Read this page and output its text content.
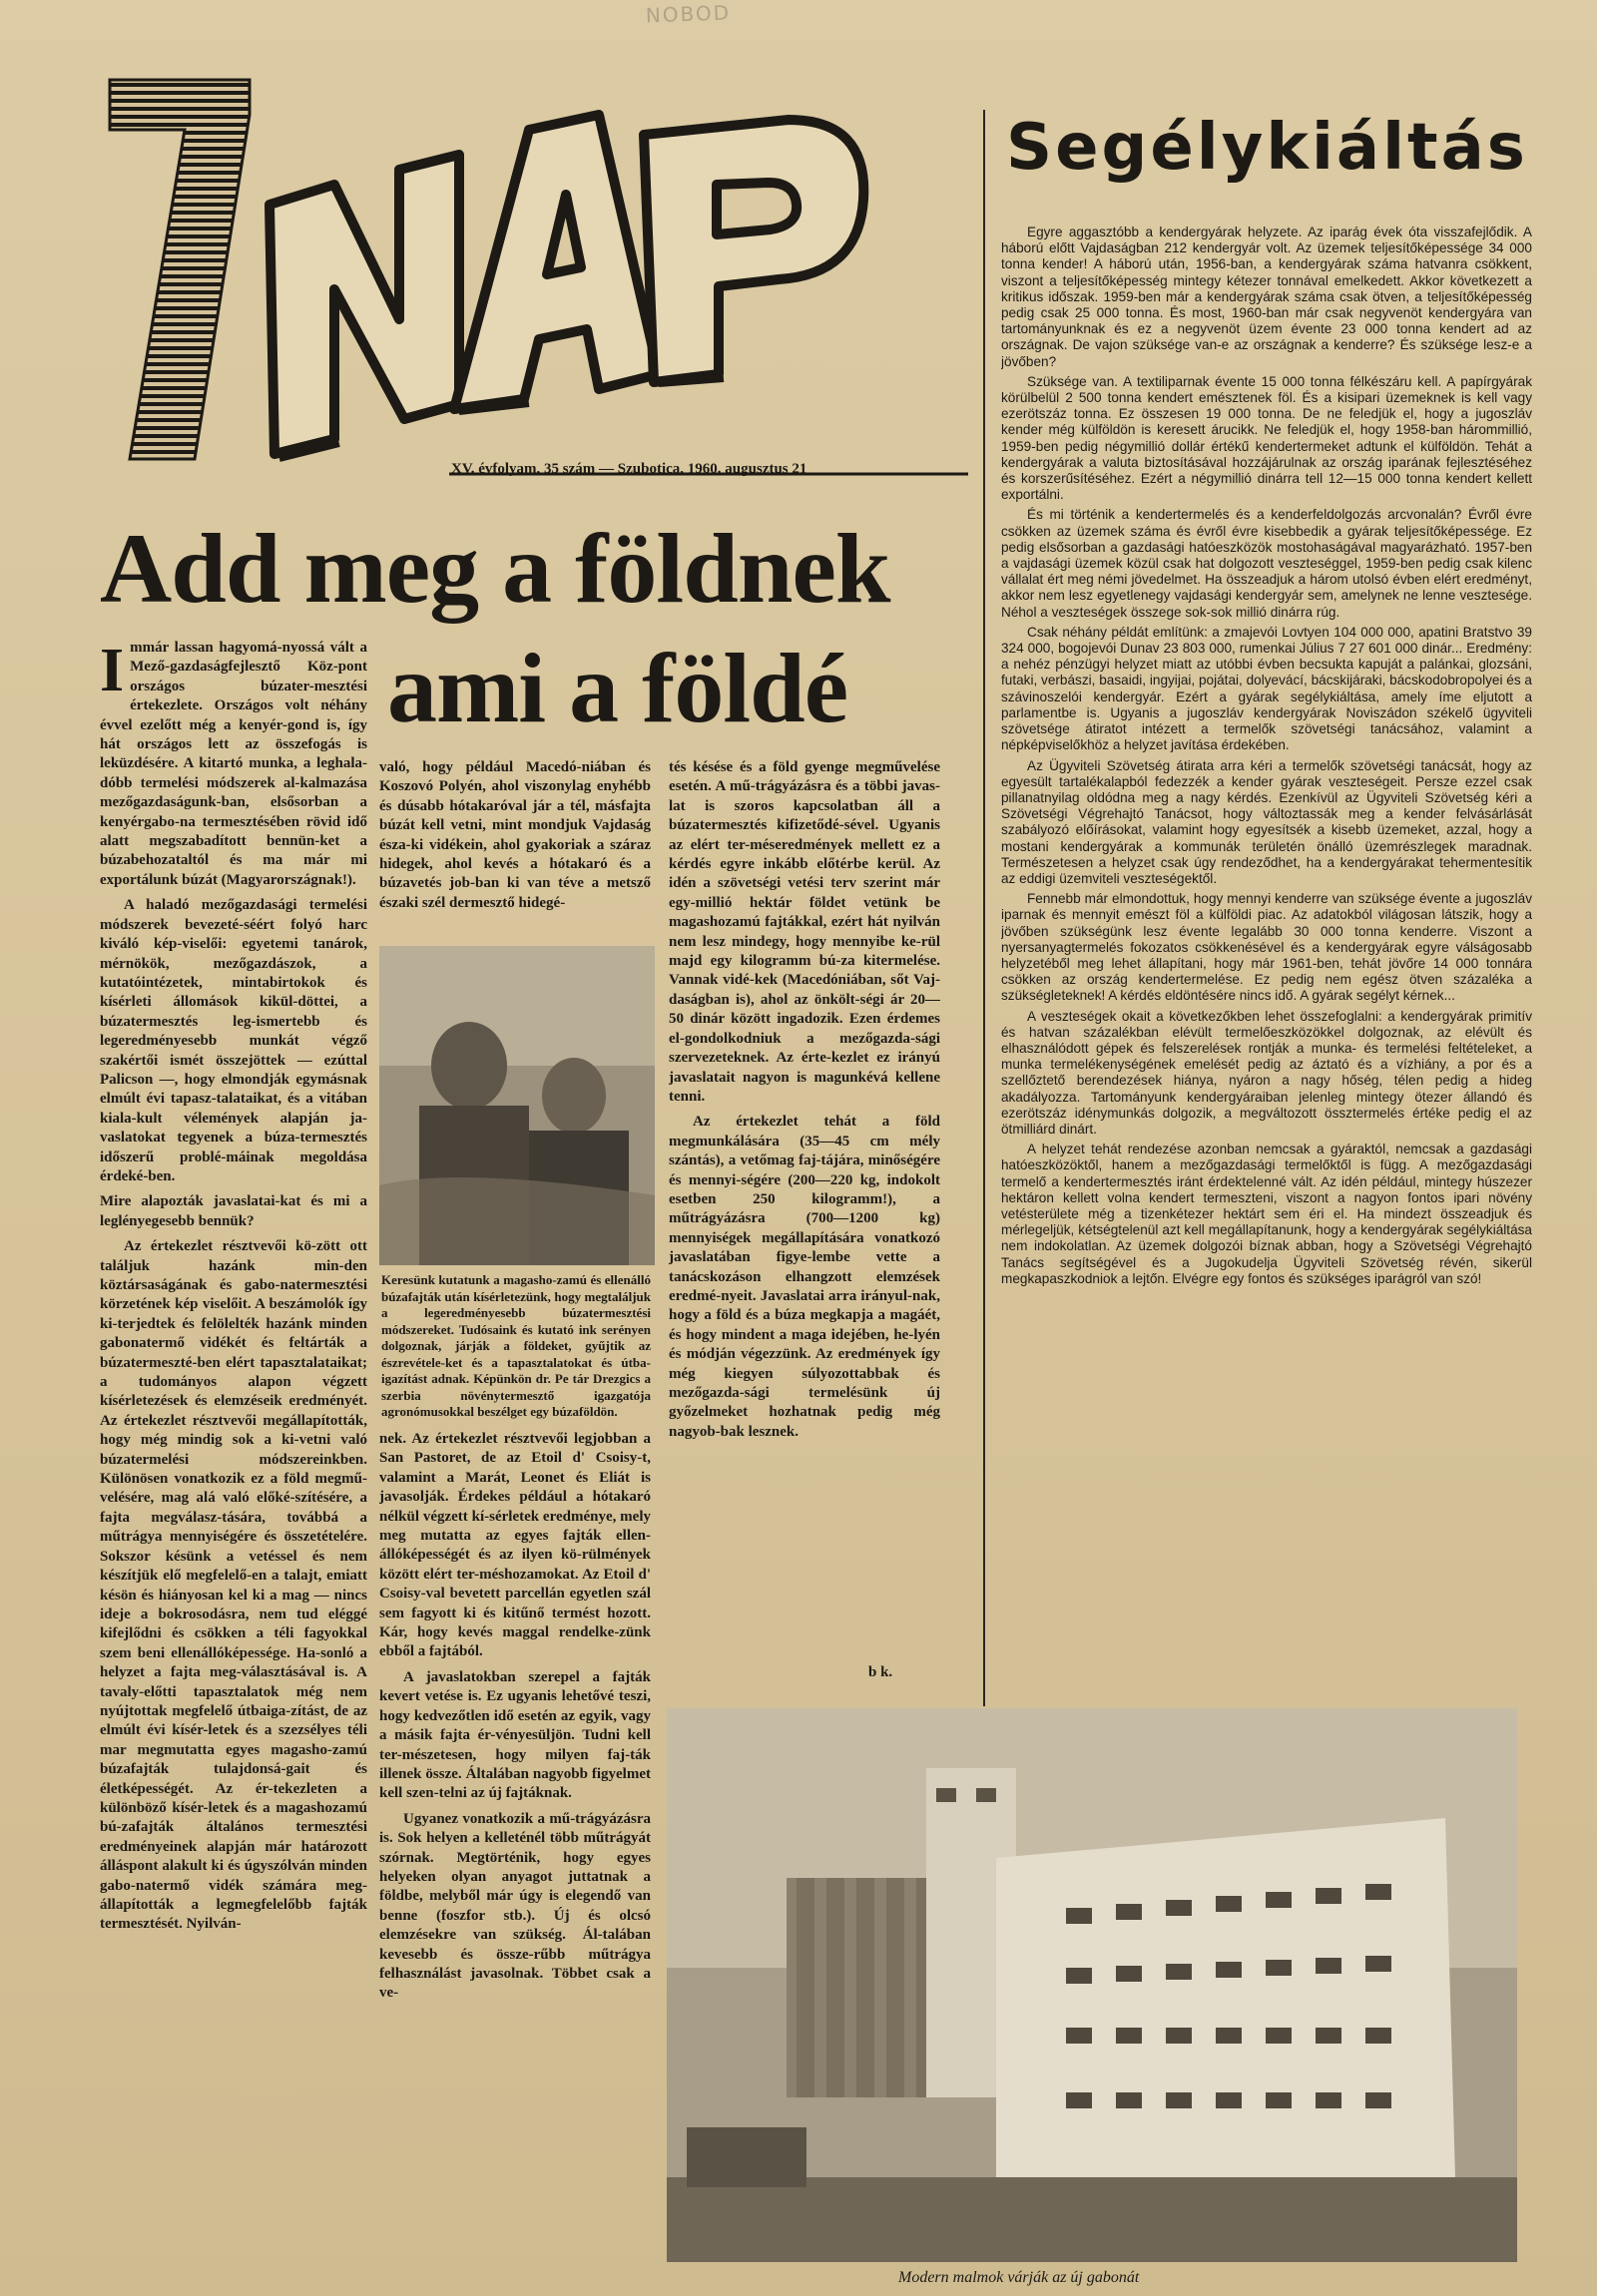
NOBOD
XV. évfolyam, 35 szám — Szubotica, 1960. augusztus 21
Add meg a földnek
ami a földé

Immár lassan hagyomá-nyossá vált a Mező-gazdaságfejlesztő Köz-pont országos búzater-mesztési értekezlete. Országos volt néhány évvel ezelőtt még a kenyér-gond is, így hát országos lett az összefogás is leküzdésére. A kitartó munka, a leghala-dóbb termelési módszerek al-kalmazása mezőgazdaságunk-ban, elsősorban a kenyérgabo-na termesztésében rövid idő alatt megszabadított bennün-ket a búzabehozataltól és ma már mi exportálunk búzát (Magyarországnak!).

A haladó mezőgazdasági termelési módszerek bevezeté-séért folyó harc kiváló kép-viselői: egyetemi tanárok, mérnökök, mezőgazdászok, a kutatóintézetek, mintabirtokok és kísérleti állomások kikül-döttei, a búzatermesztés leg-ismertebb és legeredményesebb munkát végző szakértői ismét összejöttek — ezúttal Palicson —, hogy elmondják egymásnak elmúlt évi tapasz-talataikat, és a vitában kiala-kult vélemények alapján ja-vaslatokat tegyenek a búza-termesztés időszerű problé-máinak megoldása érdeké-ben.

Mire alapozták javaslatai-kat és mi a leglényegesebb bennük?

Az értekezlet résztvevői kö-zött ott találjuk hazánk min-den köztársaságának és gabo-natermesztési körzetének kép viselőit. A beszámolók így ki-terjedtek és felölelték hazánk minden gabonatermő vidékét és feltárták a búzatermeszté-ben elért tapasztalataikat; a tudományos alapon végzett kísérletezések és elemzéseik eredményét. Az értekezlet résztvevői megállapították, hogy még mindig sok a ki-vetni való búzatermelési módszereinkben. Különösen vonatkozik ez a föld megmű-velésére, mag alá való előké-szítésére, a fajta megválasz-tására, továbbá a műtrágya mennyiségére és összetételére. Sokszor késünk a vetéssel és nem készítjük elő megfelelő-en a talajt, emiatt késön és hiányosan kel ki a mag — nincs ideje a bokrosodásra, nem tud eléggé kifejlődni és csökken a téli fagyokkal szem beni ellenállóképessége. Ha-sonló a helyzet a fajta meg-választásával is. A tavaly-előtti tapasztalatok még nem nyújtottak megfelelő útbaiga-zítást, de az elmúlt évi kísér-letek és a szezsélyes téli mar megmutatta egyes magasho-zamú búzafajták tulajdonsá-gait és életképességét. Az ér-tekezleten a különböző kísér-letek és a magashozamú bú-zafajták általános termesztési eredményeinek alapján már határozott álláspont alakult ki és úgyszólván minden gabo-natermő vidék számára meg-állapították a legmegfelelőbb fajták termesztését. Nyilván-

való, hogy például Macedó-niában és Koszovó Polyén, ahol viszonylag enyhébb és dúsabb hótakaróval jár a tél, másfajta búzát kell vetni, mint mondjuk Vajdaság észa-ki vidékein, ahol gyakoriak a száraz hidegek, ahol kevés a hótakaró és a búzavetés job-ban ki van téve a metsző északi szél dermesztő hidegé-

Keresünk kutatunk a magasho-zamú és ellenálló búzafajták után kísérletezünk, hogy megtaláljuk a legeredményesebb búzatermesztési módszereket. Tudósaink és kutató ink serényen dolgoznak, járják a földeket, gyűjtik az észrevétele-ket és a tapasztalatokat és útba-igazítást adnak. Képünkön dr. Pe tár Drezgics a szerbia növénytermesztő igazgatója agronómusokkal beszélget egy búzaföldön.

nek. Az értekezlet résztvevői legjobban a San Pastoret, de az Etoil d' Csoisy-t, valamint a Marát, Leonet és Eliát is javasolják. Érdekes például a hótakaró nélkül végzett kí-sérletek eredménye, mely meg mutatta az egyes fajták ellen-állóképességét és az ilyen kö-rülmények között elért ter-méshozamokat. Az Etoil d' Csoisy-val bevetett parcellán egyetlen szál sem fagyott ki és kitűnő termést hozott. Kár, hogy kevés maggal rendelke-zünk ebből a fajtából.

A javaslatokban szerepel a fajták kevert vetése is. Ez ugyanis lehetővé teszi, hogy kedvezőtlen idő esetén az egyik, vagy a másik fajta ér-vényesüljön. Tudni kell ter-mészetesen, hogy milyen faj-ták illenek össze. Általában nagyobb figyelmet kell szen-telni az új fajtáknak.

Ugyanez vonatkozik a mű-trágyázásra is. Sok helyen a kelleténél több műtrágyát szórnak. Megtörténik, hogy egyes helyeken olyan anyagot juttatnak a földbe, melyből már úgy is elegendő van benne (foszfor stb.). Új és olcsó elemzésekre van szükség. Ál-talában kevesebb és össze-rűbb műtrágya felhasználást javasolnak. Többet csak a ve-

tés késése és a föld gyenge megművelése esetén. A mű-trágyázásra és a többi javas-lat is szoros kapcsolatban áll a búzatermesztés kifizetődé-sével. Ugyanis az elért ter-méseredmények mellett ez a kérdés egyre inkább előtérbe kerül. Az idén a szövetségi vetési terv szerint már egy-millió hektár földet vetünk be magashozamú fajtákkal, ezért hát nyilván nem lesz mindegy, hogy mennyibe ke-rül majd egy kilogramm bú-za kitermelése. Vannak vidé-kek (Macedóniában, sőt Vaj-daságban is), ahol az önkölt-ségi ár 20—50 dinár között ingadozik. Ezen érdemes el-gondolkodniuk a mezőgazda-sági szervezeteknek. Az érte-kezlet ez irányú javaslatait nagyon is magunkévá kellene tenni.

Az értekezlet tehát a föld megmunkálására (35—45 cm mély szántás), a vetőmag faj-tájára, minőségére és mennyi-ségére (200—220 kg, indokolt esetben 250 kilogramm!), a műtrágyázásra (700—1200 kg) mennyiségek megállapítására vonatkozó javaslatában figye-lembe vette a tanácskozáson elhangzott elemzések eredmé-nyeit. Javaslatai arra irányul-nak, hogy a föld és a búza megkapja a magáét, és hogy mindent a maga idejében, he-lyén és módján végezzünk. Az eredmények így még kiegyen súlyozottabbak és mezőgazda-sági termelésünk új győzelmeket hozhatnak pedig még nagyob-bak lesznek.

b k.
Segélykiáltás

Egyre aggasztóbb a kendergyárak helyzete. Az iparág évek óta visszafejlődik. A háború előtt Vajdaságban 212 kendergyár volt. Az üzemek teljesítőképessége 34 000 tonna kender! A háború után, 1956-ban, a kendergyárak száma hatvanra csökkent, viszont a teljesítőképesség mintegy kétezer tonnával emelkedett. Akkor következett a kritikus időszak. 1959-ben már a kendergyárak száma csak ötven, a teljesítőképesség pedig csak 25 000 tonna. És most, 1960-ban már csak negyvenöt kendergyára van tartományunknak és ez a negyvenöt üzem évente 23 000 tonna kendert ad az országnak. De vajon szüksége van-e az országnak a kenderre? És szüksége lesz-e a jövőben?

Szüksége van. A textiliparnak évente 15 000 tonna félkészáru kell. A papírgyárak körülbelül 2 500 tonna kendert emésztenek föl. És a kisipari üzemeknek is kell vagy ezerötszáz tonna. Ez összesen 19 000 tonna. De ne feledjük el, hogy a jugoszláv kender még külföldön is keresett árucikk. Ne feledjük el, hogy 1958-ban hárommillió, 1959-ben pedig négymillió dollár értékű kendertermeket adtunk el külföldön. Tehát a kendergyárak a valuta biztosításával hozzájárulnak az ország iparának fejlesztéséhez és korszerűsítéséhez. Ezért a négymillió dinárra tell 12—15 000 tonna kendert kellett exportálni.

És mi történik a kendertermelés és a kenderfeldolgozás arcvonalán? Évről évre csökken az üzemek száma és évről évre kisebbedik a gyárak teljesítőképessége. Ez pedig elsősorban a gazdasági hatóeszközök mostohaságával magyarázható. 1957-ben a vajdasági üzemek közül csak hat dolgozott veszteséggel, 1959-ben pedig csak kilenc vállalat ért meg némi jövedelmet. Ha összeadjuk a három utolsó évben elért eredményt, akkor nem lesz egyetlenegy vajdasági kendergyár sem, amelynek ne lenne vesztesége. Néhol a veszteségek összege sok-sok millió dinárra rúg.

Csak néhány példát említünk: a zmajevói Lovtyen 104 000 000, apatini Bratstvo 39 324 000, bogojevói Dunav 23 803 000, rumenkai Július 7 27 601 000 dinár... Eredmény: a nehéz pénzügyi helyzet miatt az utóbbi évben becsukta kapuját a palánkai, glozsáni, futaki, verbászi, basaidi, ingyijai, pojátai, dolyevácí, bácskijáraki, bácskodobropolyei és a szávinoszelói kendergyár. Ezért a gyárak segélykiáltása, amely íme eljutott a parlamentbe is. Ugyanis a jugoszláv kendergyárak Noviszádon székelő ügyviteli szövetsége átiratot intézett a termelők szövetségi tanácsához, valamint a népképviselőkhöz a helyzet javítása érdekében.

Az Ügyviteli Szövetség átirata arra kéri a termelők szövetségi tanácsát, hogy az egyesült tartalékalapból fedezzék a kender gyárak veszteségeit. Persze ezzel csak pillanatnyilag oldódna meg a nagy kérdés. Ezenkívül az Ügyviteli Szövetség kéri a Szövetségi Végrehajtó Tanácsot, hogy változtassák meg a kender felvásárlását szabályozó előírásokat, valamint hogy egyesítsék a kisebb üzemeket, azzal, hogy a mostani kendergyárak a kommunák területén önálló üzemrészlegek maradnak. Természetesen a helyzet csak úgy rendeződhet, ha a kendergyárakat tehermentesítik az eddigi üzemviteli veszteségektől.

Fennebb már elmondottuk, hogy mennyi kenderre van szüksége évente a jugoszláv iparnak és mennyit emészt föl a külföldi piac. Az adatokból világosan látszik, hogy a jövőben szükségünk lesz évente legalább 30 000 tonna kenderre. Viszont a nyersanyagtermelés fokozatos csökkenésével és a kendergyárak egyre válságosabb helyzetéből meg lehet állapítani, hogy már 1961-ben, tehát jövőre 14 000 tonnára csökken az ország kendertermelése. Ez pedig nem egész ötven százaléka a szükségleteknek! A kérdés eldöntésére nincs idő. A gyárak segélyt kérnek...

A veszteségek okait a következőkben lehet összefoglalni: a kendergyárak primitív és hatvan százalékban elévült termelőeszközökkel dolgoznak, az elévült és elhasználódott gépek és felszerelések rontják a munka- és termelési feltételeket, a munka termelékenységének emelését pedig az áztató és a vízhiány, a por és a szellőztető berendezések hiánya, nyáron a nagy hőség, télen pedig a hideg akadályozza. Tartományunk kendergyáraiban jelenleg mintegy ötezer állandó és ezerötszáz idénymunkás dolgozik, a megváltozott össztermelés értéke pedig el az ötmilliárd dinárt.

A helyzet tehát rendezése azonban nemcsak a gyáraktól, nemcsak a gazdasági hatóeszközöktől, hanem a mezőgazdasági termelőktől is függ. A mezőgazdasági termelő a kendertermesztés iránt érdektelenné vált. Az idén például, mintegy húszezer hektáron kellett volna kendert termeszteni, viszont a nagyon fontos ipari növény vetésterülete még a tizenkétezer hektárt sem éri el. Ha mindezt összeadjuk és mérlegeljük, kétségtelenül azt kell megállapítanunk, hogy a kendergyárak segélykiáltása nem indokolatlan. Az üzemek dolgozói bíznak abban, hogy a Szövetségi Végrehajtó Tanács segítségével és a Jugokudelja Ügyviteli Szövetség révén, sikerül megkapaszkodniok a lejtőn. Elvégre egy fontos és szükséges iparágról van szó!

Modern malmok várják az új gabonát
